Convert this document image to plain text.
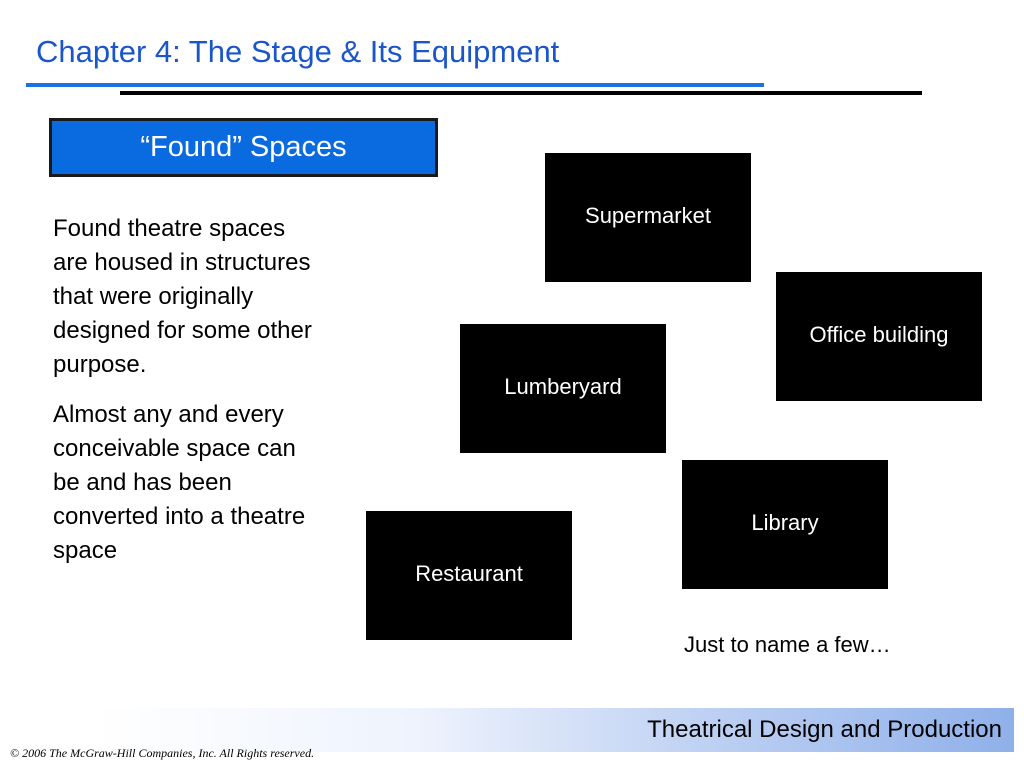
Chapter 4: The Stage & Its Equipment
“Found” Spaces

Found theatre spaces are housed in structures that were originally designed for some other purpose.

Almost any and every conceivable space can be and has been converted into a theatre space

Supermarket
Office building
Lumberyard
Library
Restaurant
Just to name a few…
Theatrical Design and Production
© 2006 The McGraw-Hill Companies, Inc. All Rights reserved.
